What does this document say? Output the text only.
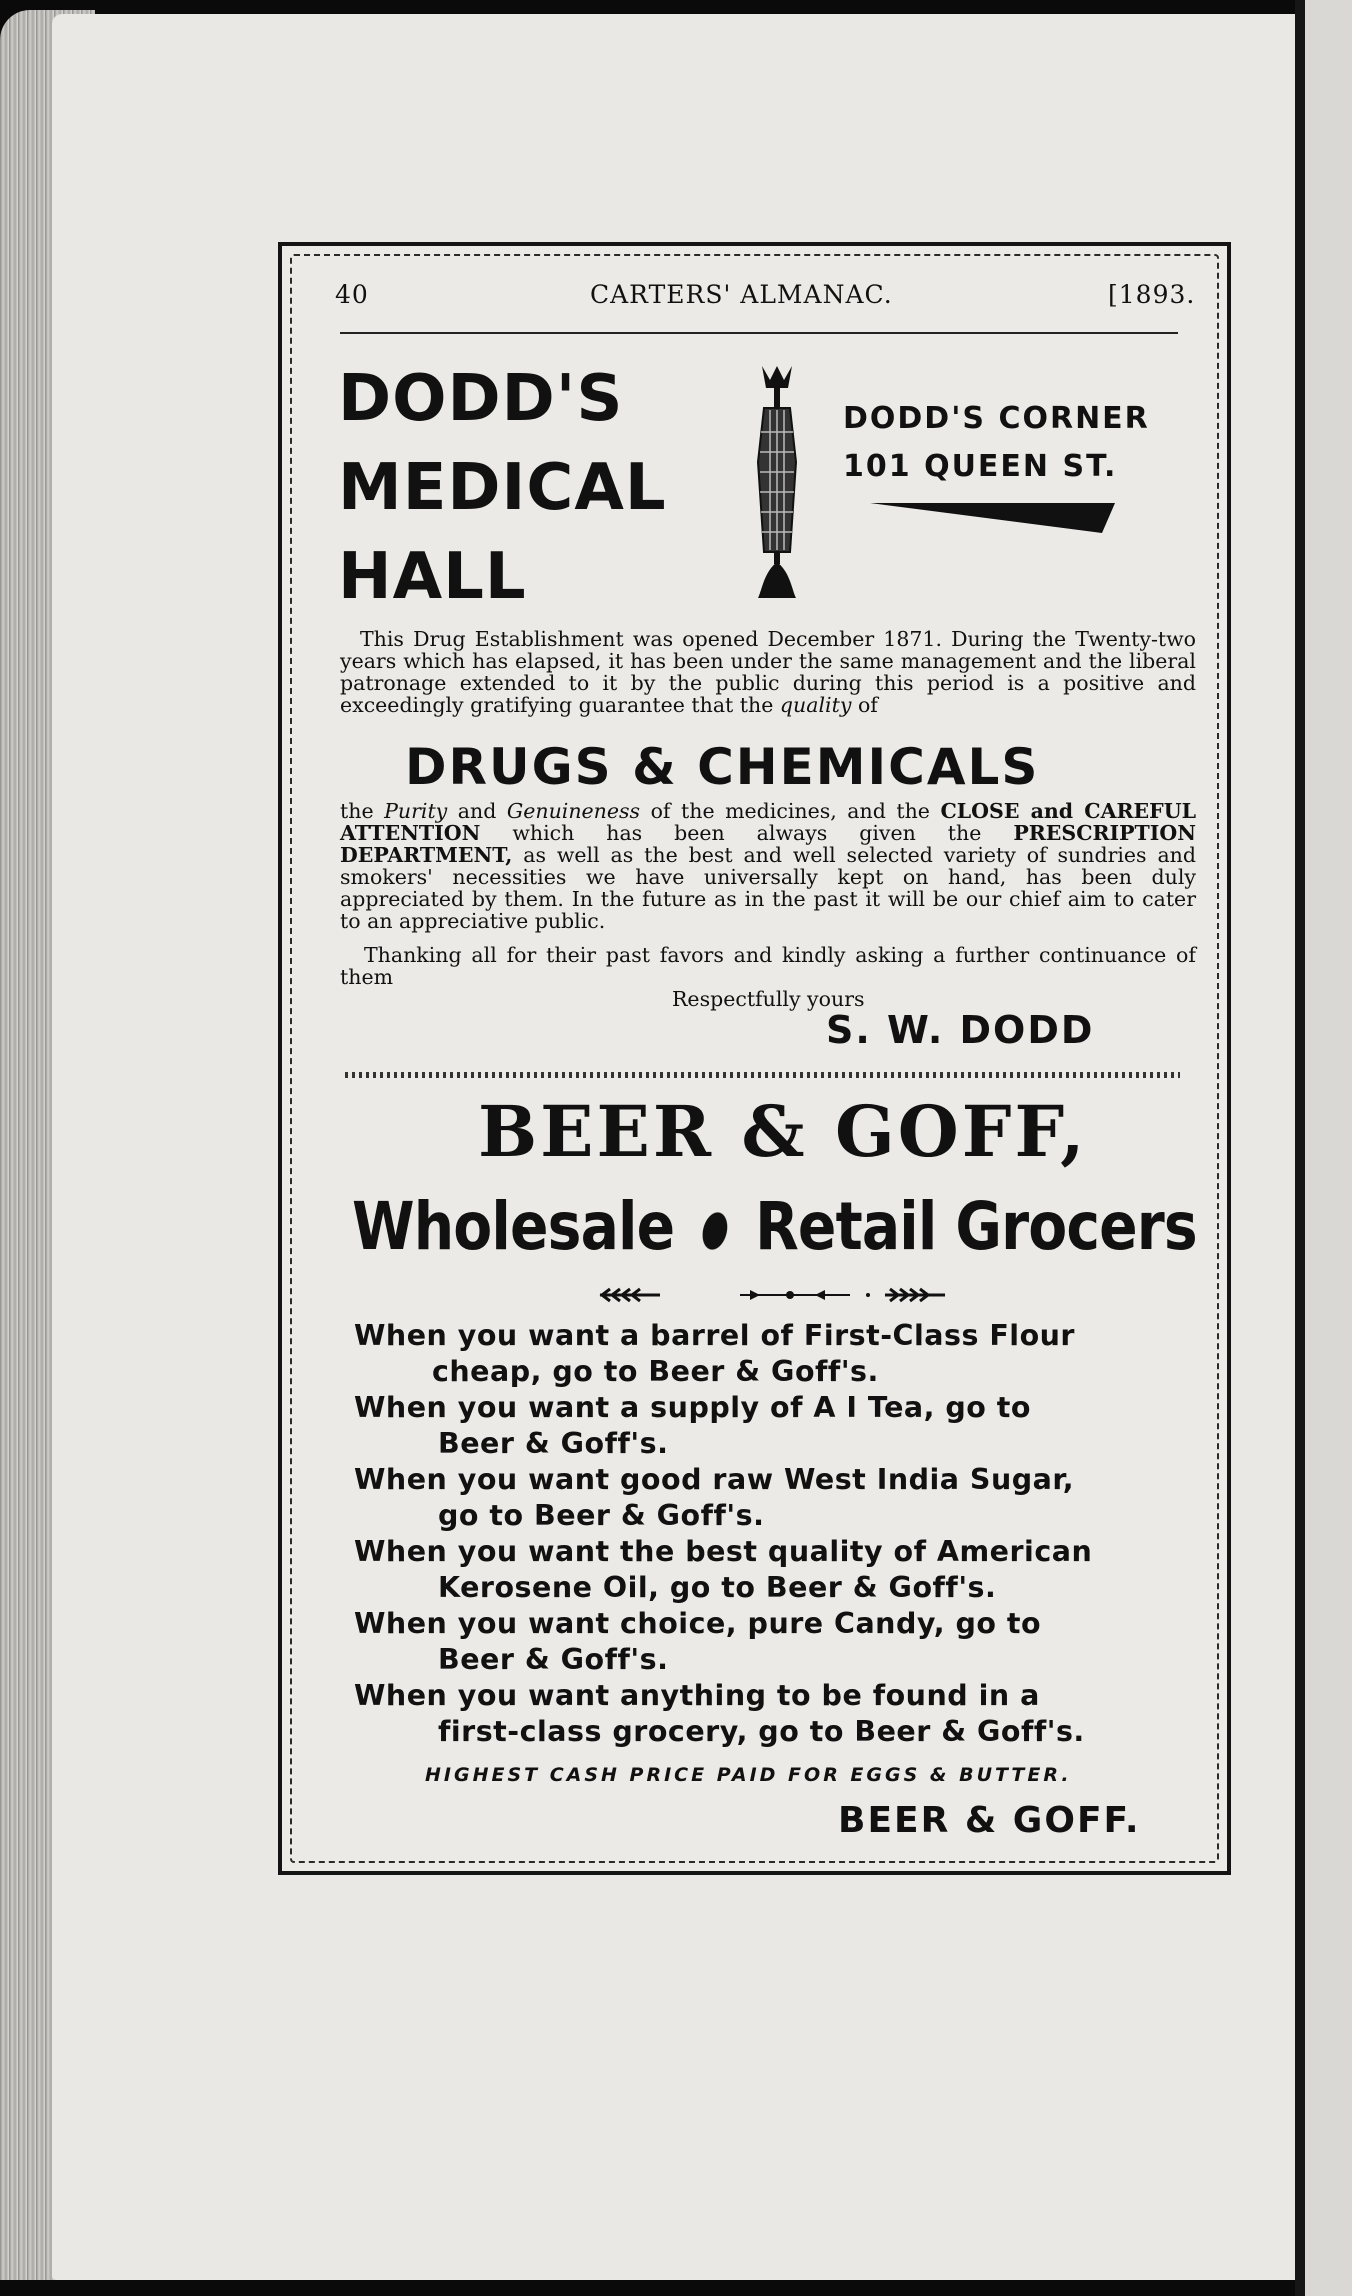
40	CARTERS' ALMANAC.	[1893.
DODD'S
MEDICAL
HALL
DODD'S CORNER
101 QUEEN ST.
This Drug Establishment was opened December 1871. During the Twenty-two years which has elapsed, it has been under the same management and the liberal patronage extended to it by the public during this period is a positive and exceedingly gratifying guarantee that the quality of
DRUGS & CHEMICALS
the Purity and Genuineness of the medicines, and the CLOSE and CAREFUL ATTENTION which has been always given the PRESCRIPTION DEPARTMENT, as well as the best and well selected variety of sundries and smokers' necessities we have universally kept on hand, has been duly appreciated by them. In the future as in the past it will be our chief aim to cater to an appreciative public.
Thanking all for their past favors and kindly asking a further continuance of them
Respectfully yours
S. W. DODD
BEER & GOFF,
Wholesale Retail Grocers
When you want a barrel of First-Class Flour
cheap, go to Beer & Goff's.
When you want a supply of A I Tea, go to
Beer & Goff's.
When you want good raw West India Sugar,
go to Beer & Goff's.
When you want the best quality of American
Kerosene Oil, go to Beer & Goff's.
When you want choice, pure Candy, go to
Beer & Goff's.
When you want anything to be found in a
first-class grocery, go to Beer & Goff's.
HIGHEST CASH PRICE PAID FOR EGGS & BUTTER.
BEER & GOFF.
